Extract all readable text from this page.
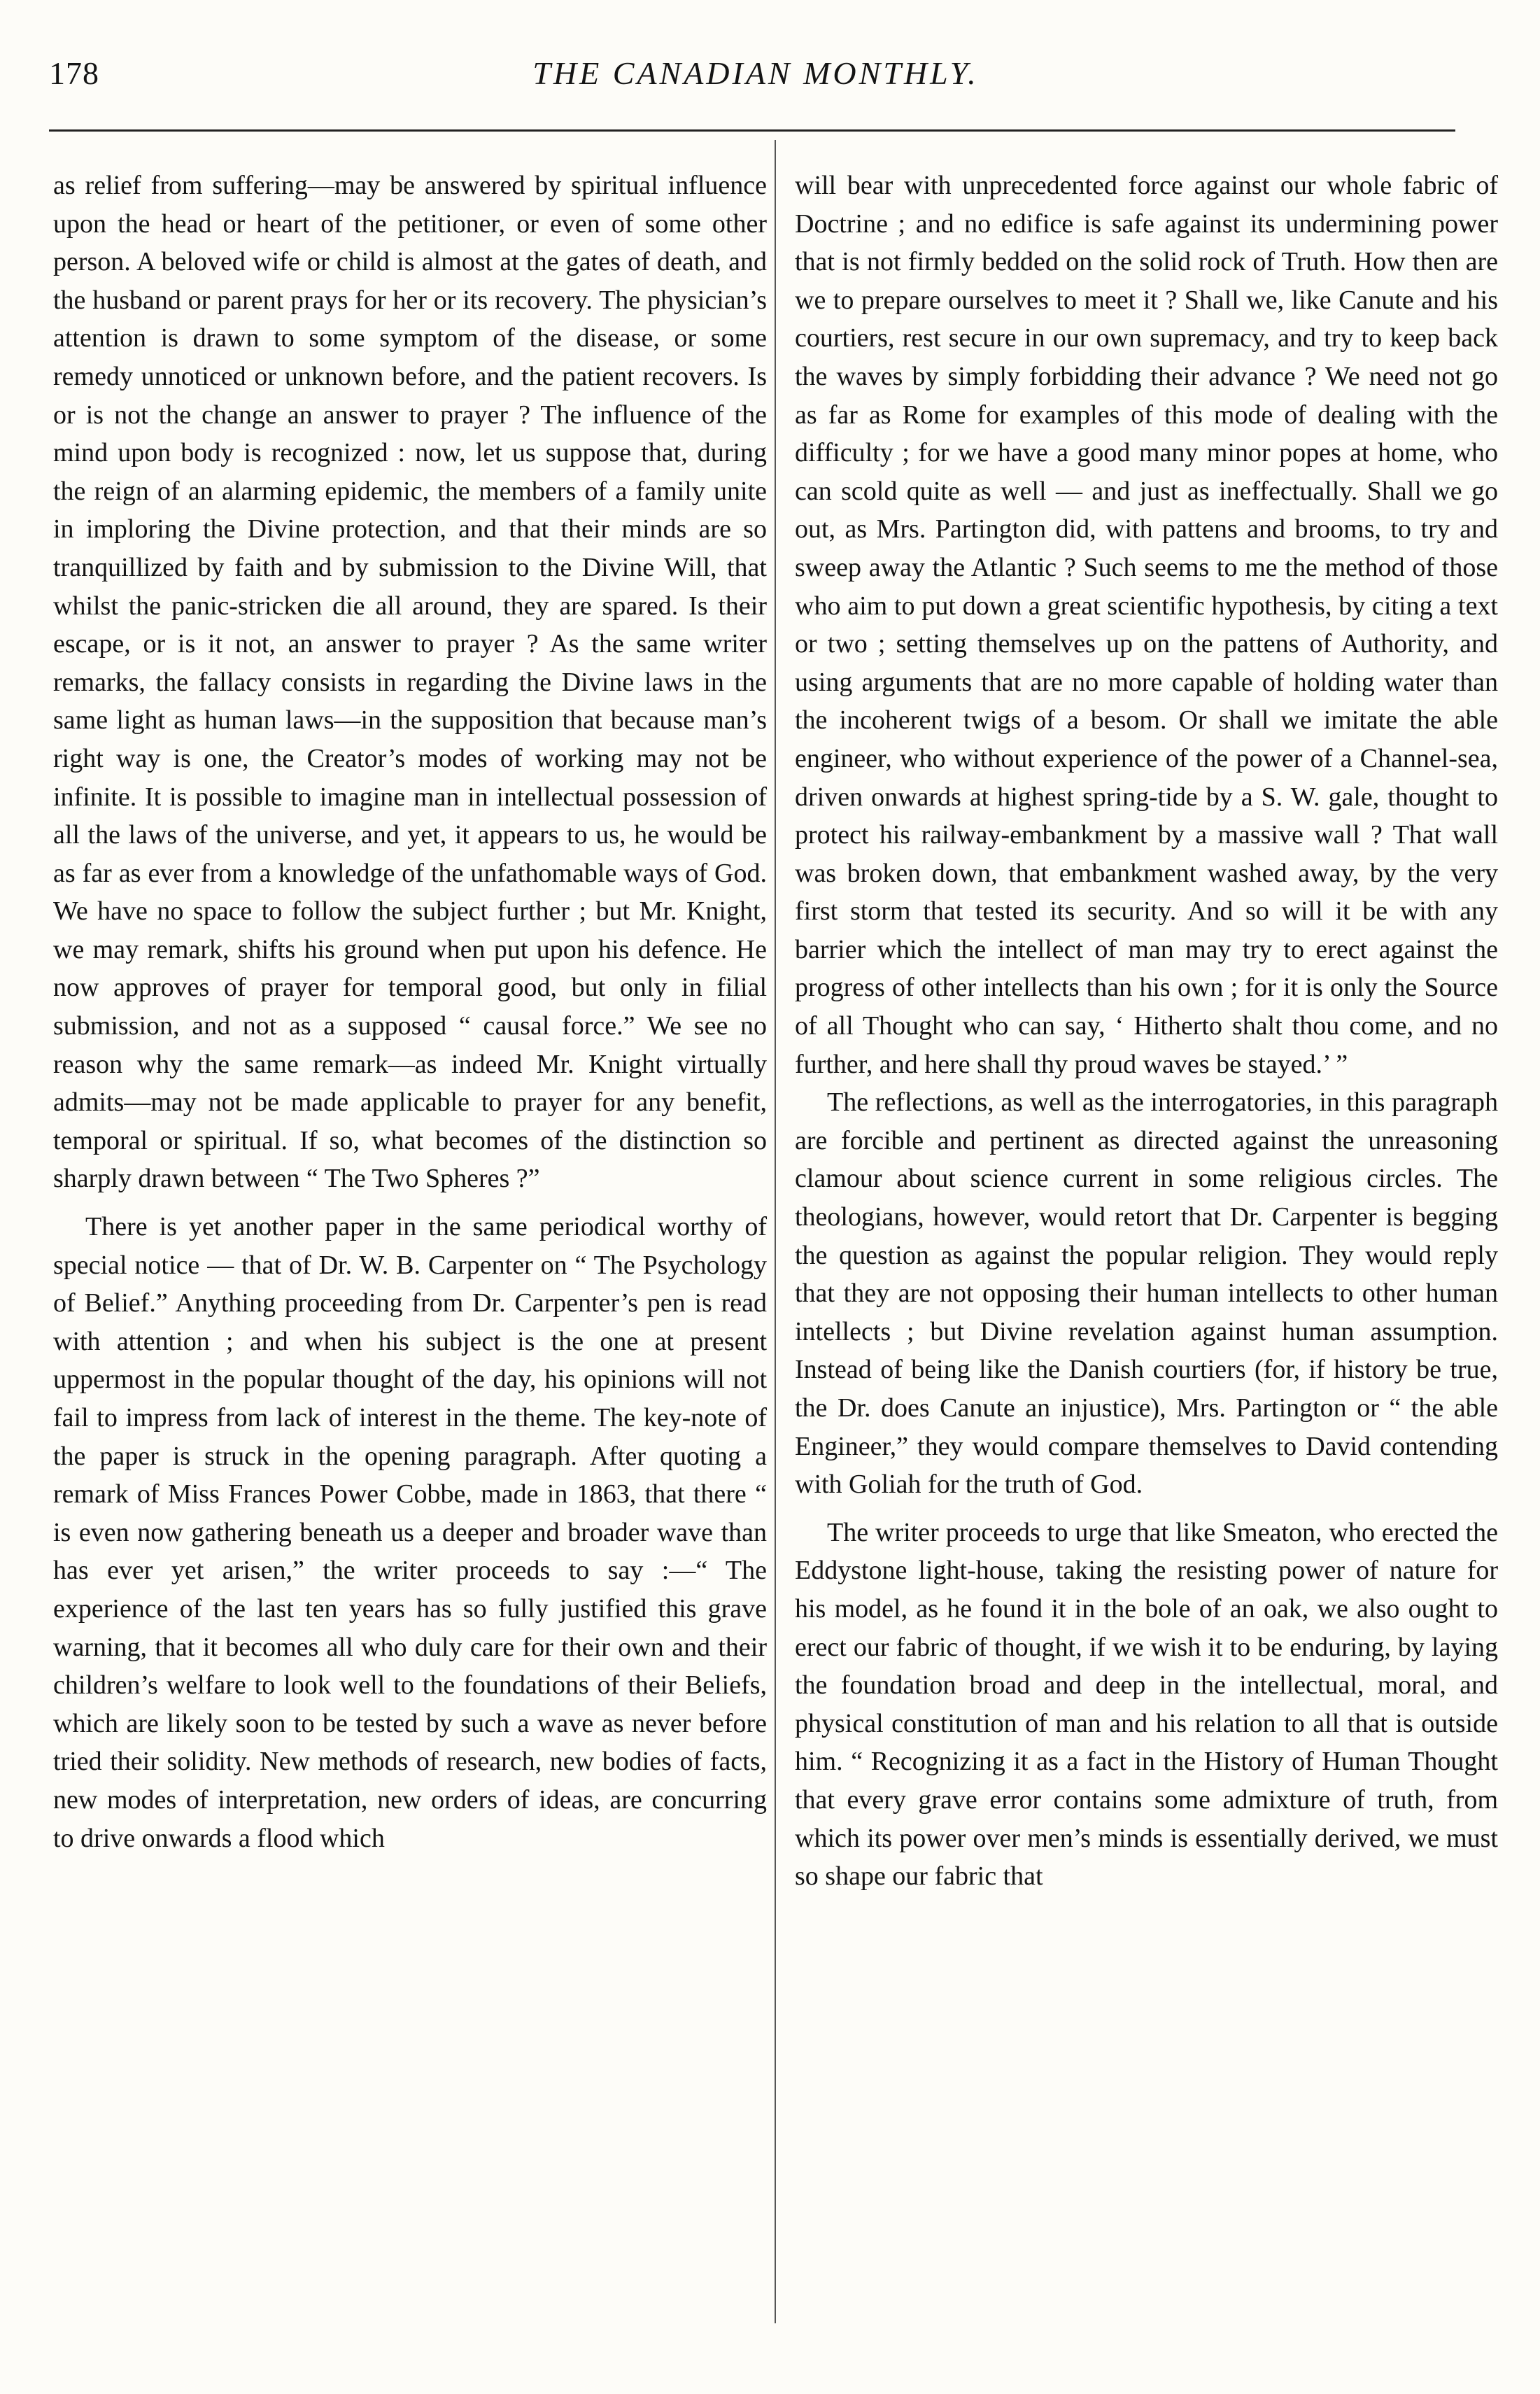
178	THE CANADIAN MONTHLY.

as relief from suffering—may be answered by spiritual influence upon the head or heart of the petitioner, or even of some other person. A beloved wife or child is almost at the gates of death, and the husband or parent prays for her or its recovery. The physician’s attention is drawn to some symptom of the disease, or some remedy unnoticed or unknown before, and the patient recovers. Is or is not the change an answer to prayer ? The influence of the mind upon body is recognized : now, let us suppose that, during the reign of an alarming epidemic, the members of a family unite in imploring the Divine protection, and that their minds are so tranquillized by faith and by submission to the Divine Will, that whilst the panic-stricken die all around, they are spared. Is their escape, or is it not, an answer to prayer ? As the same writer remarks, the fallacy consists in regarding the Divine laws in the same light as human laws—in the supposition that because man’s right way is one, the Creator’s modes of working may not be infinite. It is possible to imagine man in intellectual possession of all the laws of the universe, and yet, it appears to us, he would be as far as ever from a knowledge of the unfathomable ways of God. We have no space to follow the subject further ; but Mr. Knight, we may remark, shifts his ground when put upon his defence. He now approves of prayer for temporal good, but only in filial submission, and not as a supposed “ causal force.” We see no reason why the same remark—as indeed Mr. Knight virtually admits—may not be made applicable to prayer for any benefit, temporal or spiritual. If so, what becomes of the distinction so sharply drawn between “ The Two Spheres ?”

There is yet another paper in the same periodical worthy of special notice — that of Dr. W. B. Carpenter on “ The Psychology of Belief.” Anything proceeding from Dr. Carpenter’s pen is read with attention ; and when his subject is the one at present uppermost in the popular thought of the day, his opinions will not fail to impress from lack of interest in the theme. The key-note of the paper is struck in the opening paragraph. After quoting a remark of Miss Frances Power Cobbe, made in 1863, that there “ is even now gathering beneath us a deeper and broader wave than has ever yet arisen,” the writer proceeds to say :—“ The experience of the last ten years has so fully justified this grave warning, that it becomes all who duly care for their own and their children’s welfare to look well to the foundations of their Beliefs, which are likely soon to be tested by such a wave as never before tried their solidity. New methods of research, new bodies of facts, new modes of interpretation, new orders of ideas, are concurring to drive onwards a flood which

will bear with unprecedented force against our whole fabric of Doctrine ; and no edifice is safe against its undermining power that is not firmly bedded on the solid rock of Truth. How then are we to prepare ourselves to meet it ? Shall we, like Canute and his courtiers, rest secure in our own supremacy, and try to keep back the waves by simply forbidding their advance ? We need not go as far as Rome for examples of this mode of dealing with the difficulty ; for we have a good many minor popes at home, who can scold quite as well — and just as ineffectually. Shall we go out, as Mrs. Partington did, with pattens and brooms, to try and sweep away the Atlantic ? Such seems to me the method of those who aim to put down a great scientific hypothesis, by citing a text or two ; setting themselves up on the pattens of Authority, and using arguments that are no more capable of holding water than the incoherent twigs of a besom. Or shall we imitate the able engineer, who without experience of the power of a Channel-sea, driven onwards at highest spring-tide by a S. W. gale, thought to protect his railway-embankment by a massive wall ? That wall was broken down, that embankment washed away, by the very first storm that tested its security. And so will it be with any barrier which the intellect of man may try to erect against the progress of other intellects than his own ; for it is only the Source of all Thought who can say, ‘ Hitherto shalt thou come, and no further, and here shall thy proud waves be stayed.’ ”

The reflections, as well as the interrogatories, in this paragraph are forcible and pertinent as directed against the unreasoning clamour about science current in some religious circles. The theologians, however, would retort that Dr. Carpenter is begging the question as against the popular religion. They would reply that they are not opposing their human intellects to other human intellects ; but Divine revelation against human assumption. Instead of being like the Danish courtiers (for, if history be true, the Dr. does Canute an injustice), Mrs. Partington or “ the able Engineer,” they would compare themselves to David contending with Goliah for the truth of God.

The writer proceeds to urge that like Smeaton, who erected the Eddystone light-house, taking the resisting power of nature for his model, as he found it in the bole of an oak, we also ought to erect our fabric of thought, if we wish it to be enduring, by laying the foundation broad and deep in the intellectual, moral, and physical constitution of man and his relation to all that is outside him. “ Recognizing it as a fact in the History of Human Thought that every grave error contains some admixture of truth, from which its power over men’s minds is essentially derived, we must so shape our fabric that
